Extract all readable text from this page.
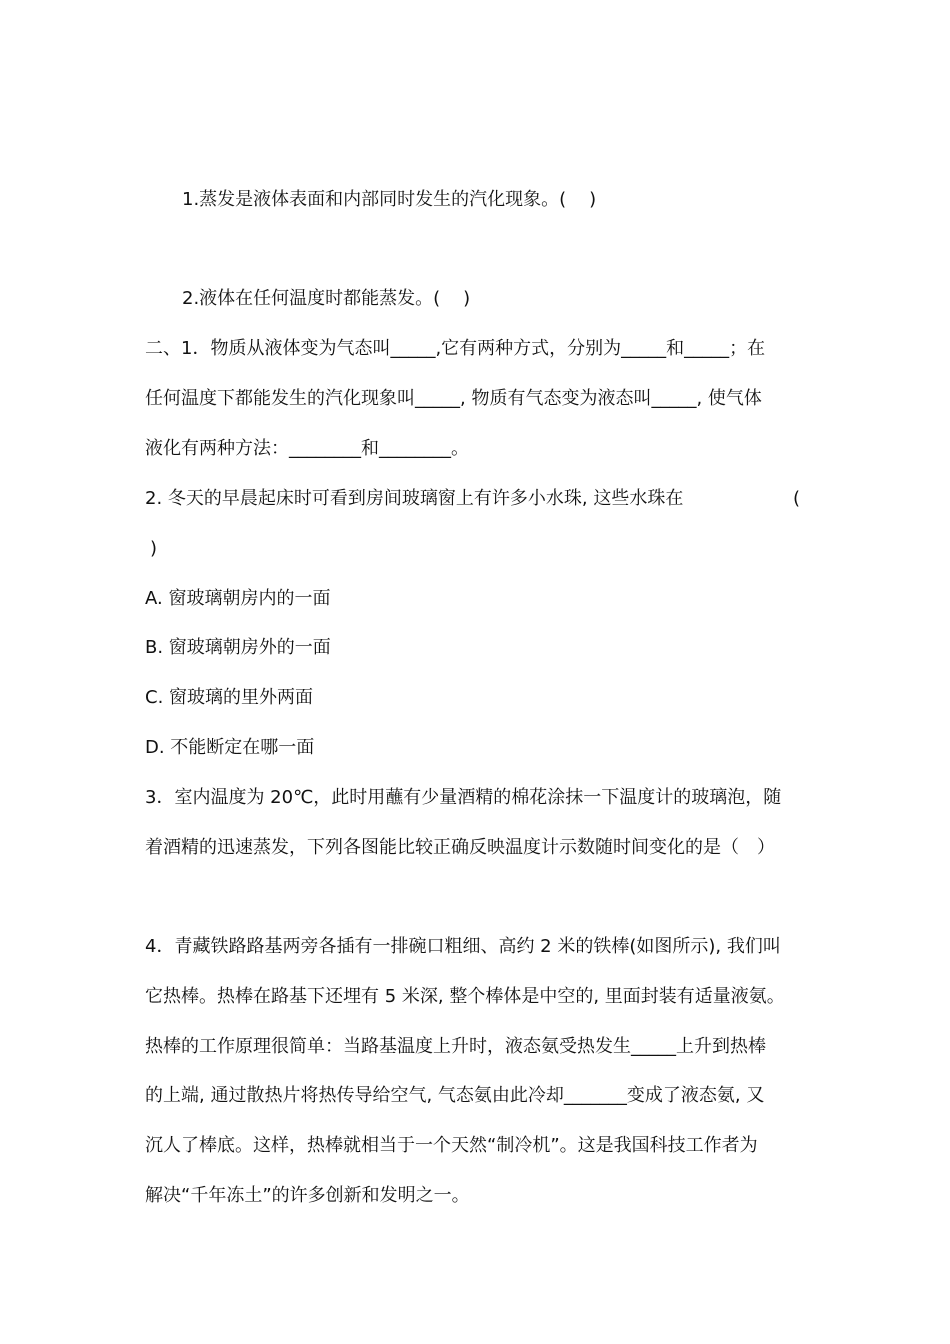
1.蒸发是液体表面和内部同时发生的汽化现象。(    )
2.液体在任何温度时都能蒸发。(    )
二、1．物质从液体变为气态叫_____,它有两种方式，分别为_____和_____；在
任何温度下都能发生的汽化现象叫_____, 物质有气态变为液态叫_____, 使气体
液化有两种方法：________和________。
2. 冬天的早晨起床时可看到房间玻璃窗上有许多小水珠, 这些水珠在	(
)
A. 窗玻璃朝房内的一面
B. 窗玻璃朝房外的一面
C. 窗玻璃的里外两面
D. 不能断定在哪一面
3．室内温度为 20℃，此时用蘸有少量酒精的棉花涂抹一下温度计的玻璃泡，随
着酒精的迅速蒸发，下列各图能比较正确反映温度计示数随时间变化的是（　）
4．青藏铁路路基两旁各插有一排碗口粗细、高约 2 米的铁棒(如图所示), 我们叫
它热棒。热棒在路基下还埋有 5 米深, 整个棒体是中空的, 里面封装有适量液氨。
热棒的工作原理很简单：当路基温度上升时，液态氨受热发生_____上升到热棒
的上端, 通过散热片将热传导给空气, 气态氨由此冷却_______变成了液态氨, 又
沉人了棒底。这样，热棒就相当于一个天然“制冷机”。这是我国科技工作者为
解决“千年冻土”的许多创新和发明之一。
